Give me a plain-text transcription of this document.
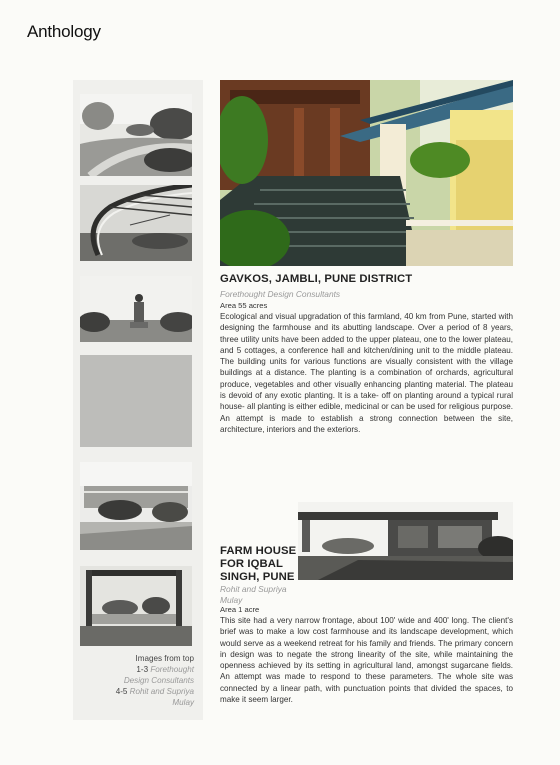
Anthology
GAVKOS, JAMBLI, PUNE DISTRICT
Forethought Design Consultants
Area 55 acres
Ecological and visual upgradation of this farmland, 40 km from Pune, started with designing the farmhouse and its abutting landscape. Over a period of 8 years, three utility units have been added to the upper plateau, one to the lower plateau, and 5 cottages, a conference hall and kitchen/dining unit to the middle plateau. The building units for various functions are visually consistent with the village buildings at a distance. The planting is a combination of orchards, agricultural produce, vegetables and other visually enhancing planting material. The plateau is devoid of any exotic planting. It is a take- off on planting around a typical rural house- all planting is either edible, medicinal or can be used for religious purpose. An attempt is made to establish a strong connection between the site, architecture, interiors and the exteriors.
FARM HOUSE
FOR IQBAL
SINGH, PUNE
Rohit and Supriya
Mulay
Area 1 acre
This site had a very narrow frontage, about 100' wide and 400' long. The client's brief was to make a low cost farmhouse and its landscape development, which would serve as a weekend retreat for his family and friends. The primary concern in design was to negate the strong linearity of the site, while maintaining the openness achieved by its setting in agricultural land, amongst sugarcane fields. An attempt was made to respond to these parameters. The whole site was connected by a linear path, with punctuation points that divided the spaces, to make it seem larger.
Images from top
1-3 Forethought
Design Consultants
4-5 Rohit and Supriya
Mulay
